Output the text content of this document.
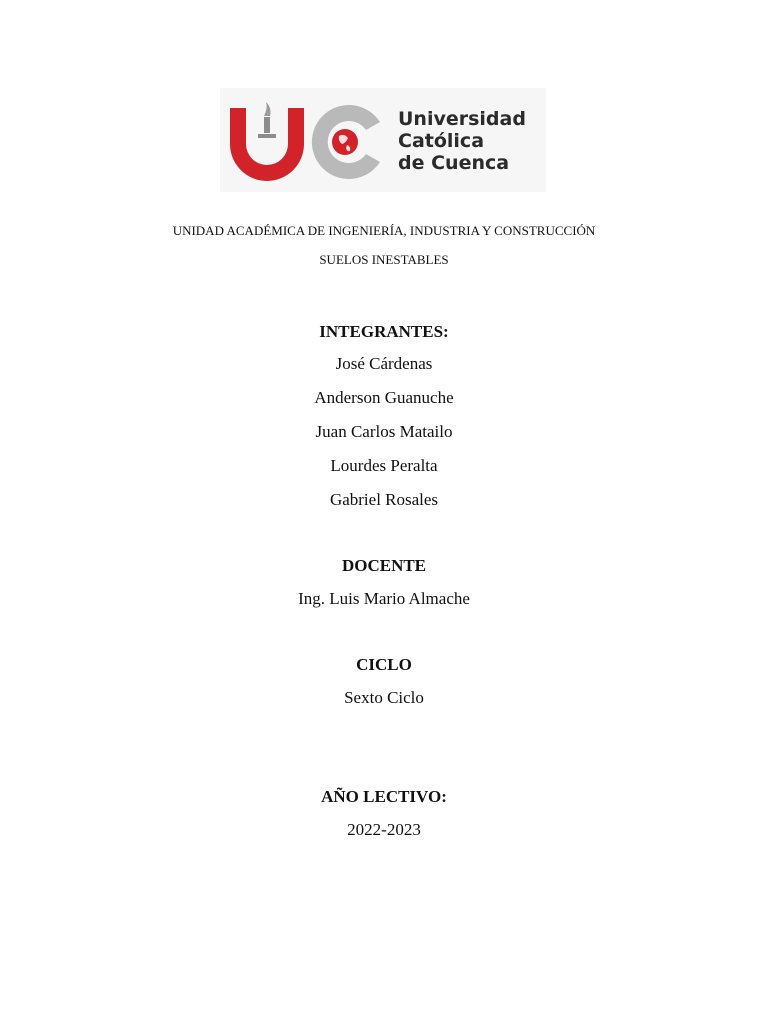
Universidad
Católica
de Cuenca
UNIDAD ACADÉMICA DE INGENIERÍA, INDUSTRIA Y CONSTRUCCIÓN
SUELOS INESTABLES
INTEGRANTES:
José Cárdenas
Anderson Guanuche
Juan Carlos Matailo
Lourdes Peralta
Gabriel Rosales
DOCENTE
Ing. Luis Mario Almache
CICLO
Sexto Ciclo
AÑO LECTIVO:
2022-2023
